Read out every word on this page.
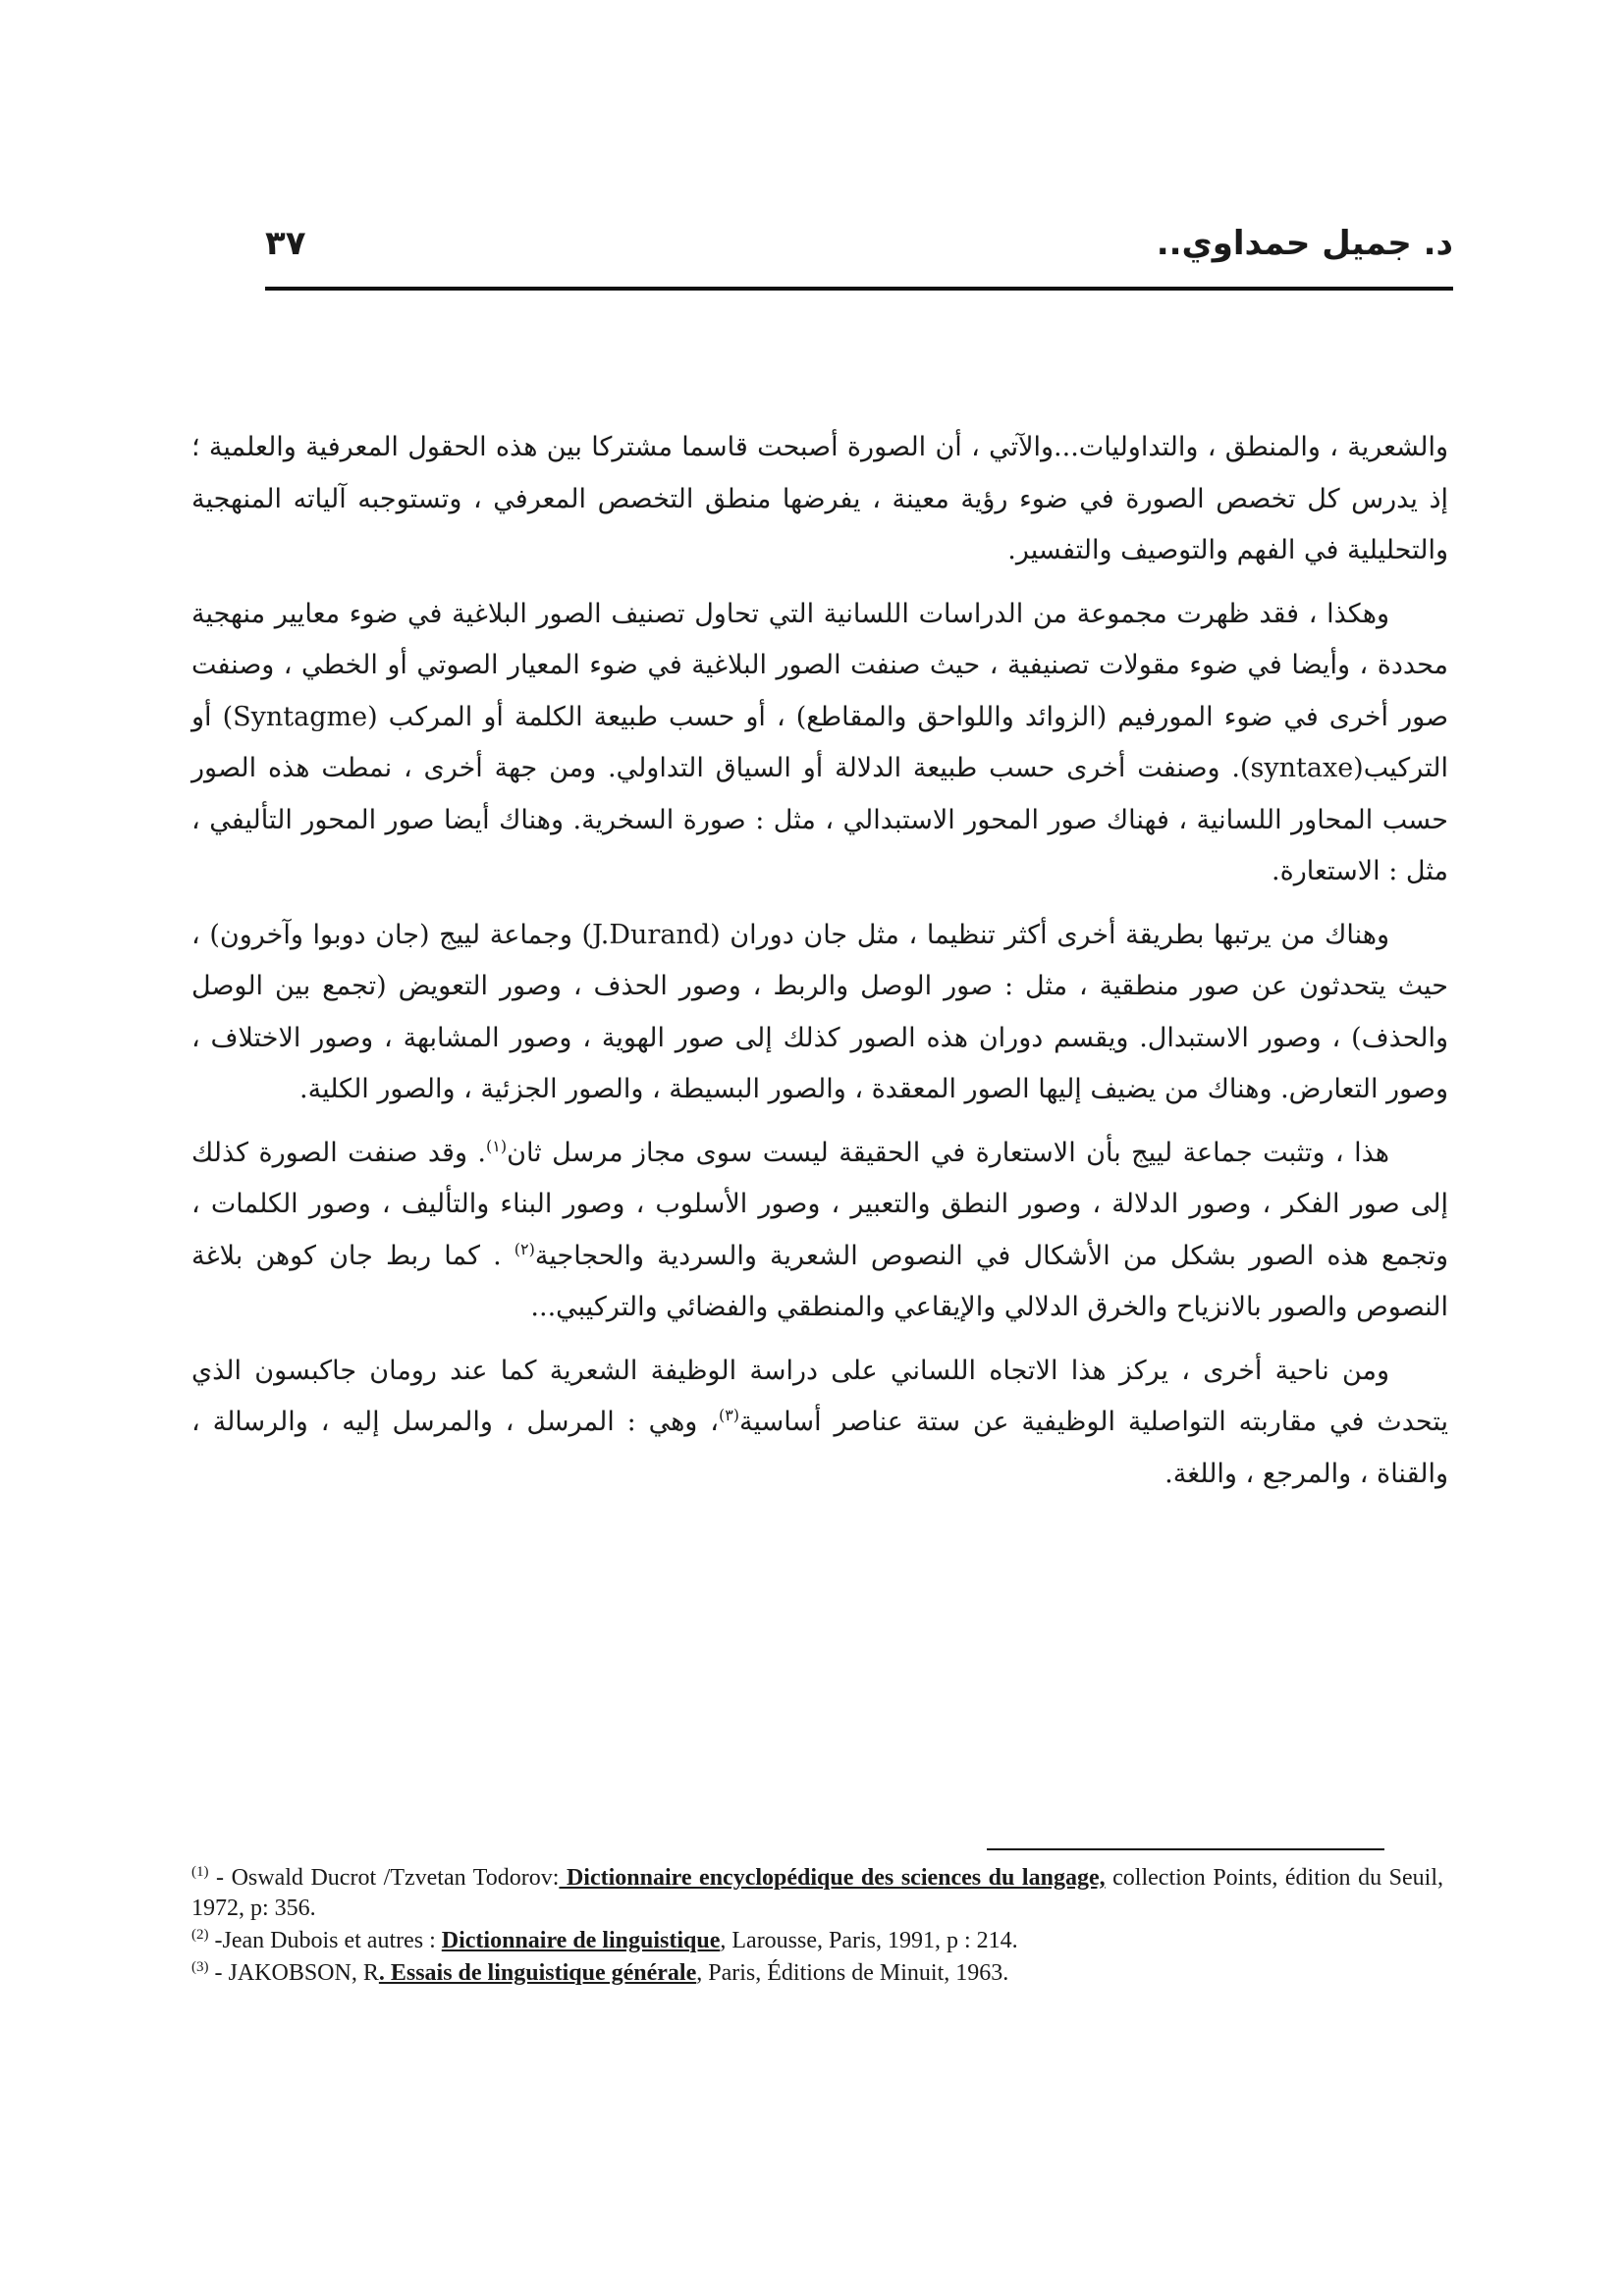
د. جميل حمداوي..
٣٧

والشعرية ، والمنطق ، والتداوليات...والآتي ، أن الصورة أصبحت قاسما مشتركا بين هذه الحقول المعرفية والعلمية ؛ إذ يدرس كل تخصص الصورة في ضوء رؤية معينة ، يفرضها منطق التخصص المعرفي ، وتستوجبه آلياته المنهجية والتحليلية في الفهم والتوصيف والتفسير.

وهكذا ، فقد ظهرت مجموعة من الدراسات اللسانية التي تحاول تصنيف الصور البلاغية في ضوء معايير منهجية محددة ، وأيضا في ضوء مقولات تصنيفية ، حيث صنفت الصور البلاغية في ضوء المعيار الصوتي أو الخطي ، وصنفت صور أخرى في ضوء المورفيم (الزوائد واللواحق والمقاطع) ، أو حسب طبيعة الكلمة أو المركب (Syntagme) أو التركيب(syntaxe). وصنفت أخرى حسب طبيعة الدلالة أو السياق التداولي. ومن جهة أخرى ، نمطت هذه الصور حسب المحاور اللسانية ، فهناك صور المحور الاستبدالي ، مثل : صورة السخرية. وهناك أيضا صور المحور التأليفي ، مثل : الاستعارة.

وهناك من يرتبها بطريقة أخرى أكثر تنظيما ، مثل جان دوران (J.Durand) وجماعة لييج (جان دوبوا وآخرون) ، حيث يتحدثون عن صور منطقية ، مثل : صور الوصل والربط ، وصور الحذف ، وصور التعويض (تجمع بين الوصل والحذف) ، وصور الاستبدال. ويقسم دوران هذه الصور كذلك إلى صور الهوية ، وصور المشابهة ، وصور الاختلاف ، وصور التعارض. وهناك من يضيف إليها الصور المعقدة ، والصور البسيطة ، والصور الجزئية ، والصور الكلية.

هذا ، وتثبت جماعة لييج بأن الاستعارة في الحقيقة ليست سوى مجاز مرسل ثان$^{(١)}$. وقد صنفت الصورة كذلك إلى صور الفكر ، وصور الدلالة ، وصور النطق والتعبير ، وصور الأسلوب ، وصور البناء والتأليف ، وصور الكلمات ، وتجمع هذه الصور بشكل من الأشكال في النصوص الشعرية والسردية والحجاجية$^{(٢)}$ . كما ربط جان كوهن بلاغة النصوص والصور بالانزياح والخرق الدلالي والإيقاعي والمنطقي والفضائي والتركيبي...

ومن ناحية أخرى ، يركز هذا الاتجاه اللساني على دراسة الوظيفة الشعرية كما عند رومان جاكبسون الذي يتحدث في مقاربته التواصلية الوظيفية عن ستة عناصر أساسية$^{(٣)}$، وهي : المرسل ، والمرسل إليه ، والرسالة ، والقناة ، والمرجع ، واللغة.

$^{(1)}$ - Oswald Ducrot /Tzvetan Todorov: Dictionnaire encyclopédique des sciences du langage, collection Points, édition du Seuil, 1972, p: 356.
$^{(2)}$ -Jean Dubois et autres : Dictionnaire de linguistique, Larousse, Paris, 1991, p : 214.
$^{(3)}$ - JAKOBSON, R. Essais de linguistique générale, Paris, Éditions de Minuit, 1963.
